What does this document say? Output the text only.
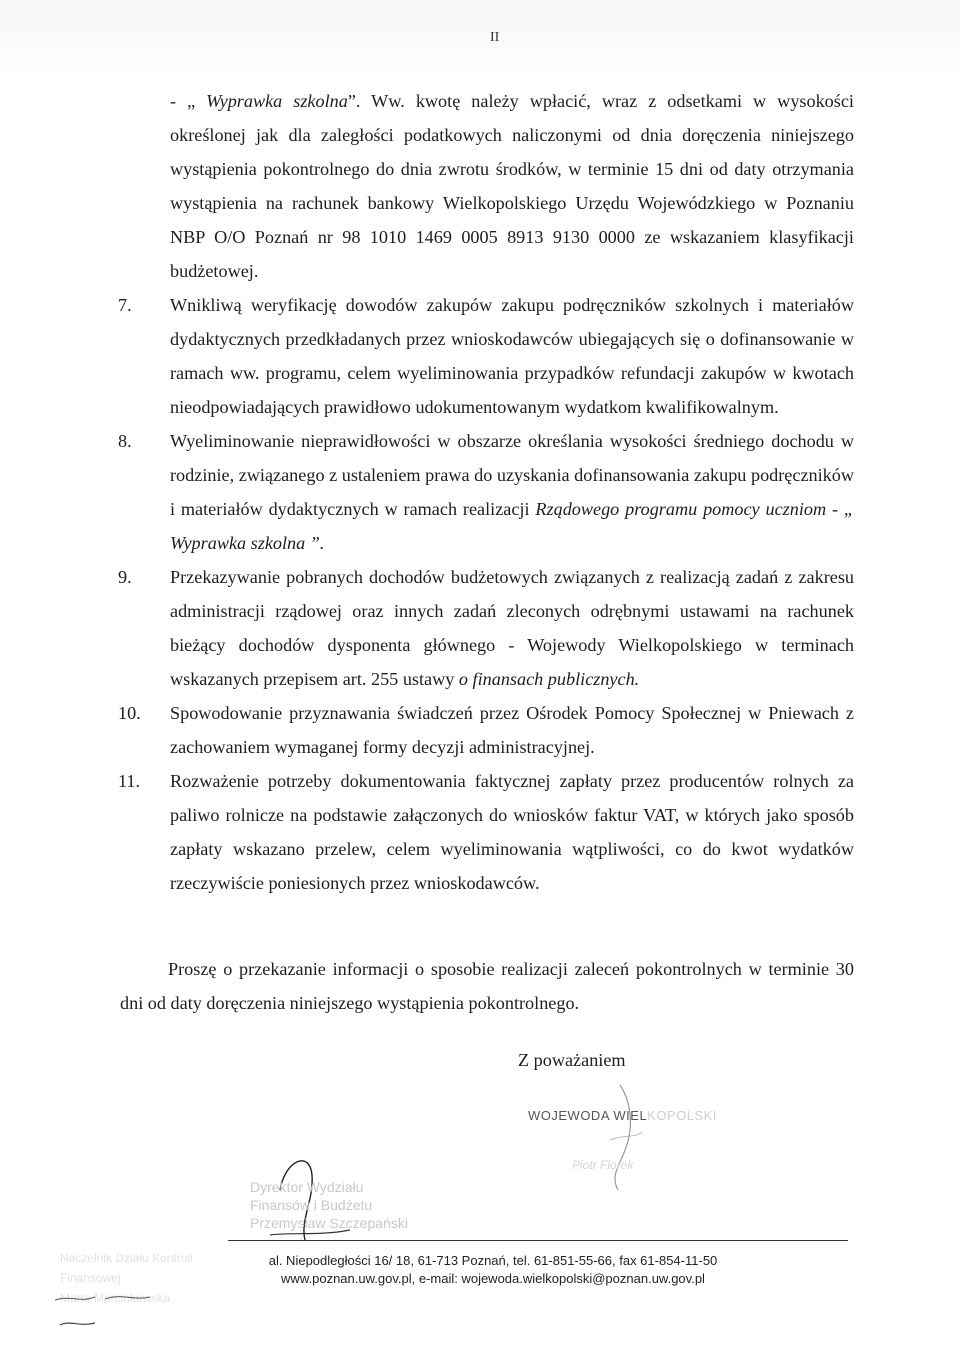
II

- „ Wyprawka szkolna”. Ww. kwotę należy wpłacić, wraz z odsetkami w wysokości określonej jak dla zaległości podatkowych naliczonymi od dnia doręczenia niniejszego wystąpienia pokontrolnego do dnia zwrotu środków, w terminie 15 dni od daty otrzymania wystąpienia na rachunek bankowy Wielkopolskiego Urzędu Wojewódzkiego w Poznaniu NBP O/O Poznań nr 98 1010 1469 0005 8913 9130 0000 ze wskazaniem klasyfikacji budżetowej.

7. Wnikliwą weryfikację dowodów zakupów zakupu podręczników szkolnych i materiałów dydaktycznych przedkładanych przez wnioskodawców ubiegających się o dofinansowanie w ramach ww. programu, celem wyeliminowania przypadków refundacji zakupów w kwotach nieodpowiadających prawidłowo udokumentowanym wydatkom kwalifikowalnym.

8. Wyeliminowanie nieprawidłowości w obszarze określania wysokości średniego dochodu w rodzinie, związanego z ustaleniem prawa do uzyskania dofinansowania zakupu podręczników i materiałów dydaktycznych w ramach realizacji Rządowego programu pomocy uczniom - „ Wyprawka szkolna ”.

9. Przekazywanie pobranych dochodów budżetowych związanych z realizacją zadań z zakresu administracji rządowej oraz innych zadań zleconych odrębnymi ustawami na rachunek bieżący dochodów dysponenta głównego - Wojewody Wielkopolskiego w terminach wskazanych przepisem art. 255 ustawy o finansach publicznych.

10. Spowodowanie przyznawania świadczeń przez Ośrodek Pomocy Społecznej w Pniewach z zachowaniem wymaganej formy decyzji administracyjnej.

11. Rozważenie potrzeby dokumentowania faktycznej zapłaty przez producentów rolnych za paliwo rolnicze na podstawie załączonych do wniosków faktur VAT, w których jako sposób zapłaty wskazano przelew, celem wyeliminowania wątpliwości, co do kwot wydatków rzeczywiście poniesionych przez wnioskodawców.

Proszę o przekazanie informacji o sposobie realizacji zaleceń pokontrolnych w terminie 30 dni od daty doręczenia niniejszego wystąpienia pokontrolnego.

Z poważaniem
WOJEWODA WIELKOPOLSKI
Piotr Florek
Dyrektor Wydziału
Finansów i Budżetu
Przemysław Szczepański
Naczelnik Działu Kontroli
Finansowej
Marta Marcinkowska
al. Niepodległości 16/ 18, 61-713 Poznań, tel. 61-851-55-66, fax 61-854-11-50
www.poznan.uw.gov.pl, e-mail: wojewoda.wielkopolski@poznan.uw.gov.pl
